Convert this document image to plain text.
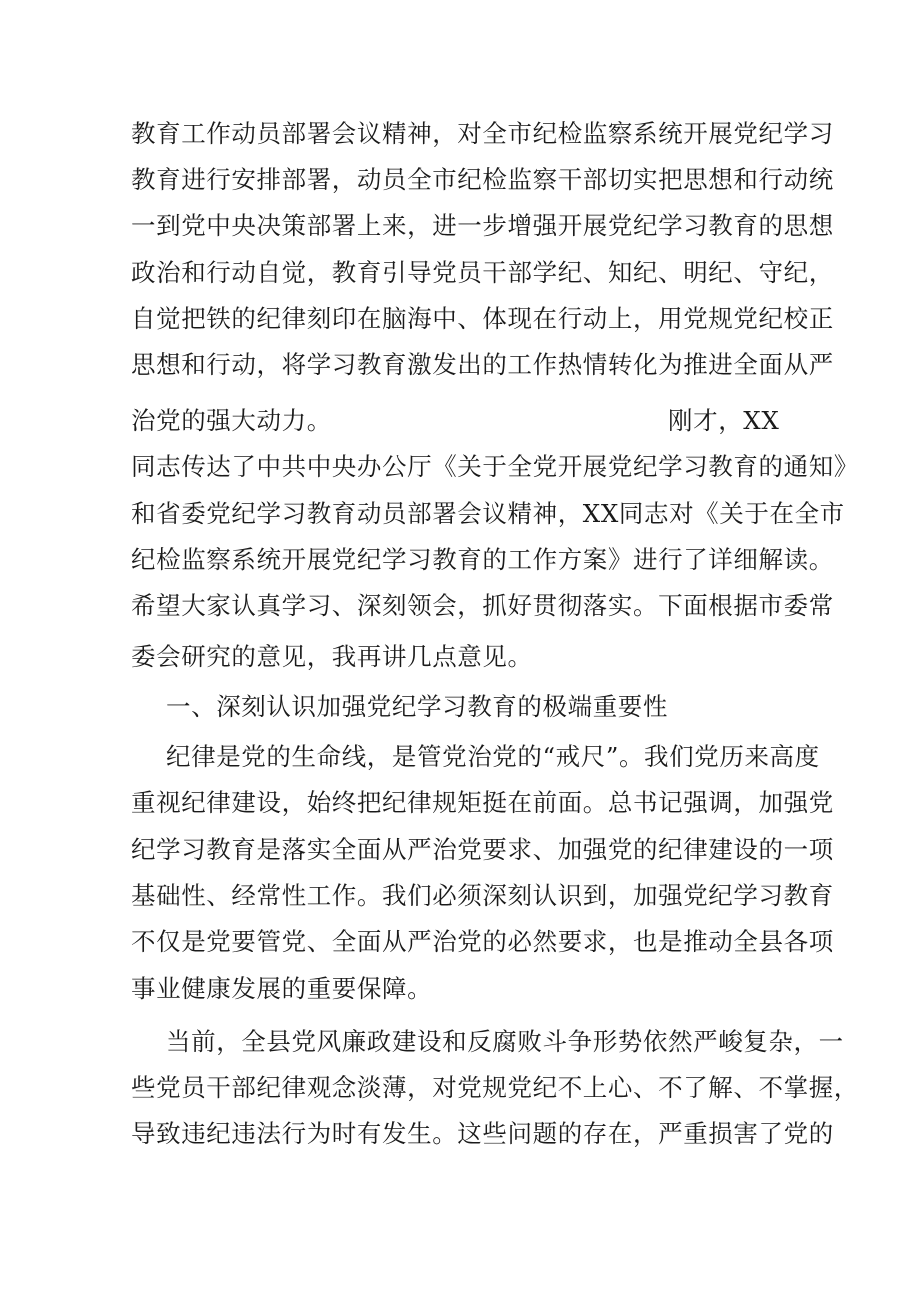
教育工作动员部署会议精神，对全市纪检监察系统开展党纪学习
教育进行安排部署，动员全市纪检监察干部切实把思想和行动统
一到党中央决策部署上来，进一步增强开展党纪学习教育的思想
政治和行动自觉，教育引导党员干部学纪、知纪、明纪、守纪，
自觉把铁的纪律刻印在脑海中、体现在行动上，用党规党纪校正
思想和行动，将学习教育激发出的工作热情转化为推进全面从严
治党的强大动力。	刚才，XX
同志传达了中共中央办公厅《关于全党开展党纪学习教育的通知》
和省委党纪学习教育动员部署会议精神，XX同志对《关于在全市
纪检监察系统开展党纪学习教育的工作方案》进行了详细解读。
希望大家认真学习、深刻领会，抓好贯彻落实。下面根据市委常
委会研究的意见，我再讲几点意见。
一、深刻认识加强党纪学习教育的极端重要性
纪律是党的生命线，是管党治党的“戒尺”。我们党历来高度
重视纪律建设，始终把纪律规矩挺在前面。总书记强调，加强党
纪学习教育是落实全面从严治党要求、加强党的纪律建设的一项
基础性、经常性工作。我们必须深刻认识到，加强党纪学习教育
不仅是党要管党、全面从严治党的必然要求，也是推动全县各项
事业健康发展的重要保障。
当前，全县党风廉政建设和反腐败斗争形势依然严峻复杂，一
些党员干部纪律观念淡薄，对党规党纪不上心、不了解、不掌握，
导致违纪违法行为时有发生。这些问题的存在，严重损害了党的
